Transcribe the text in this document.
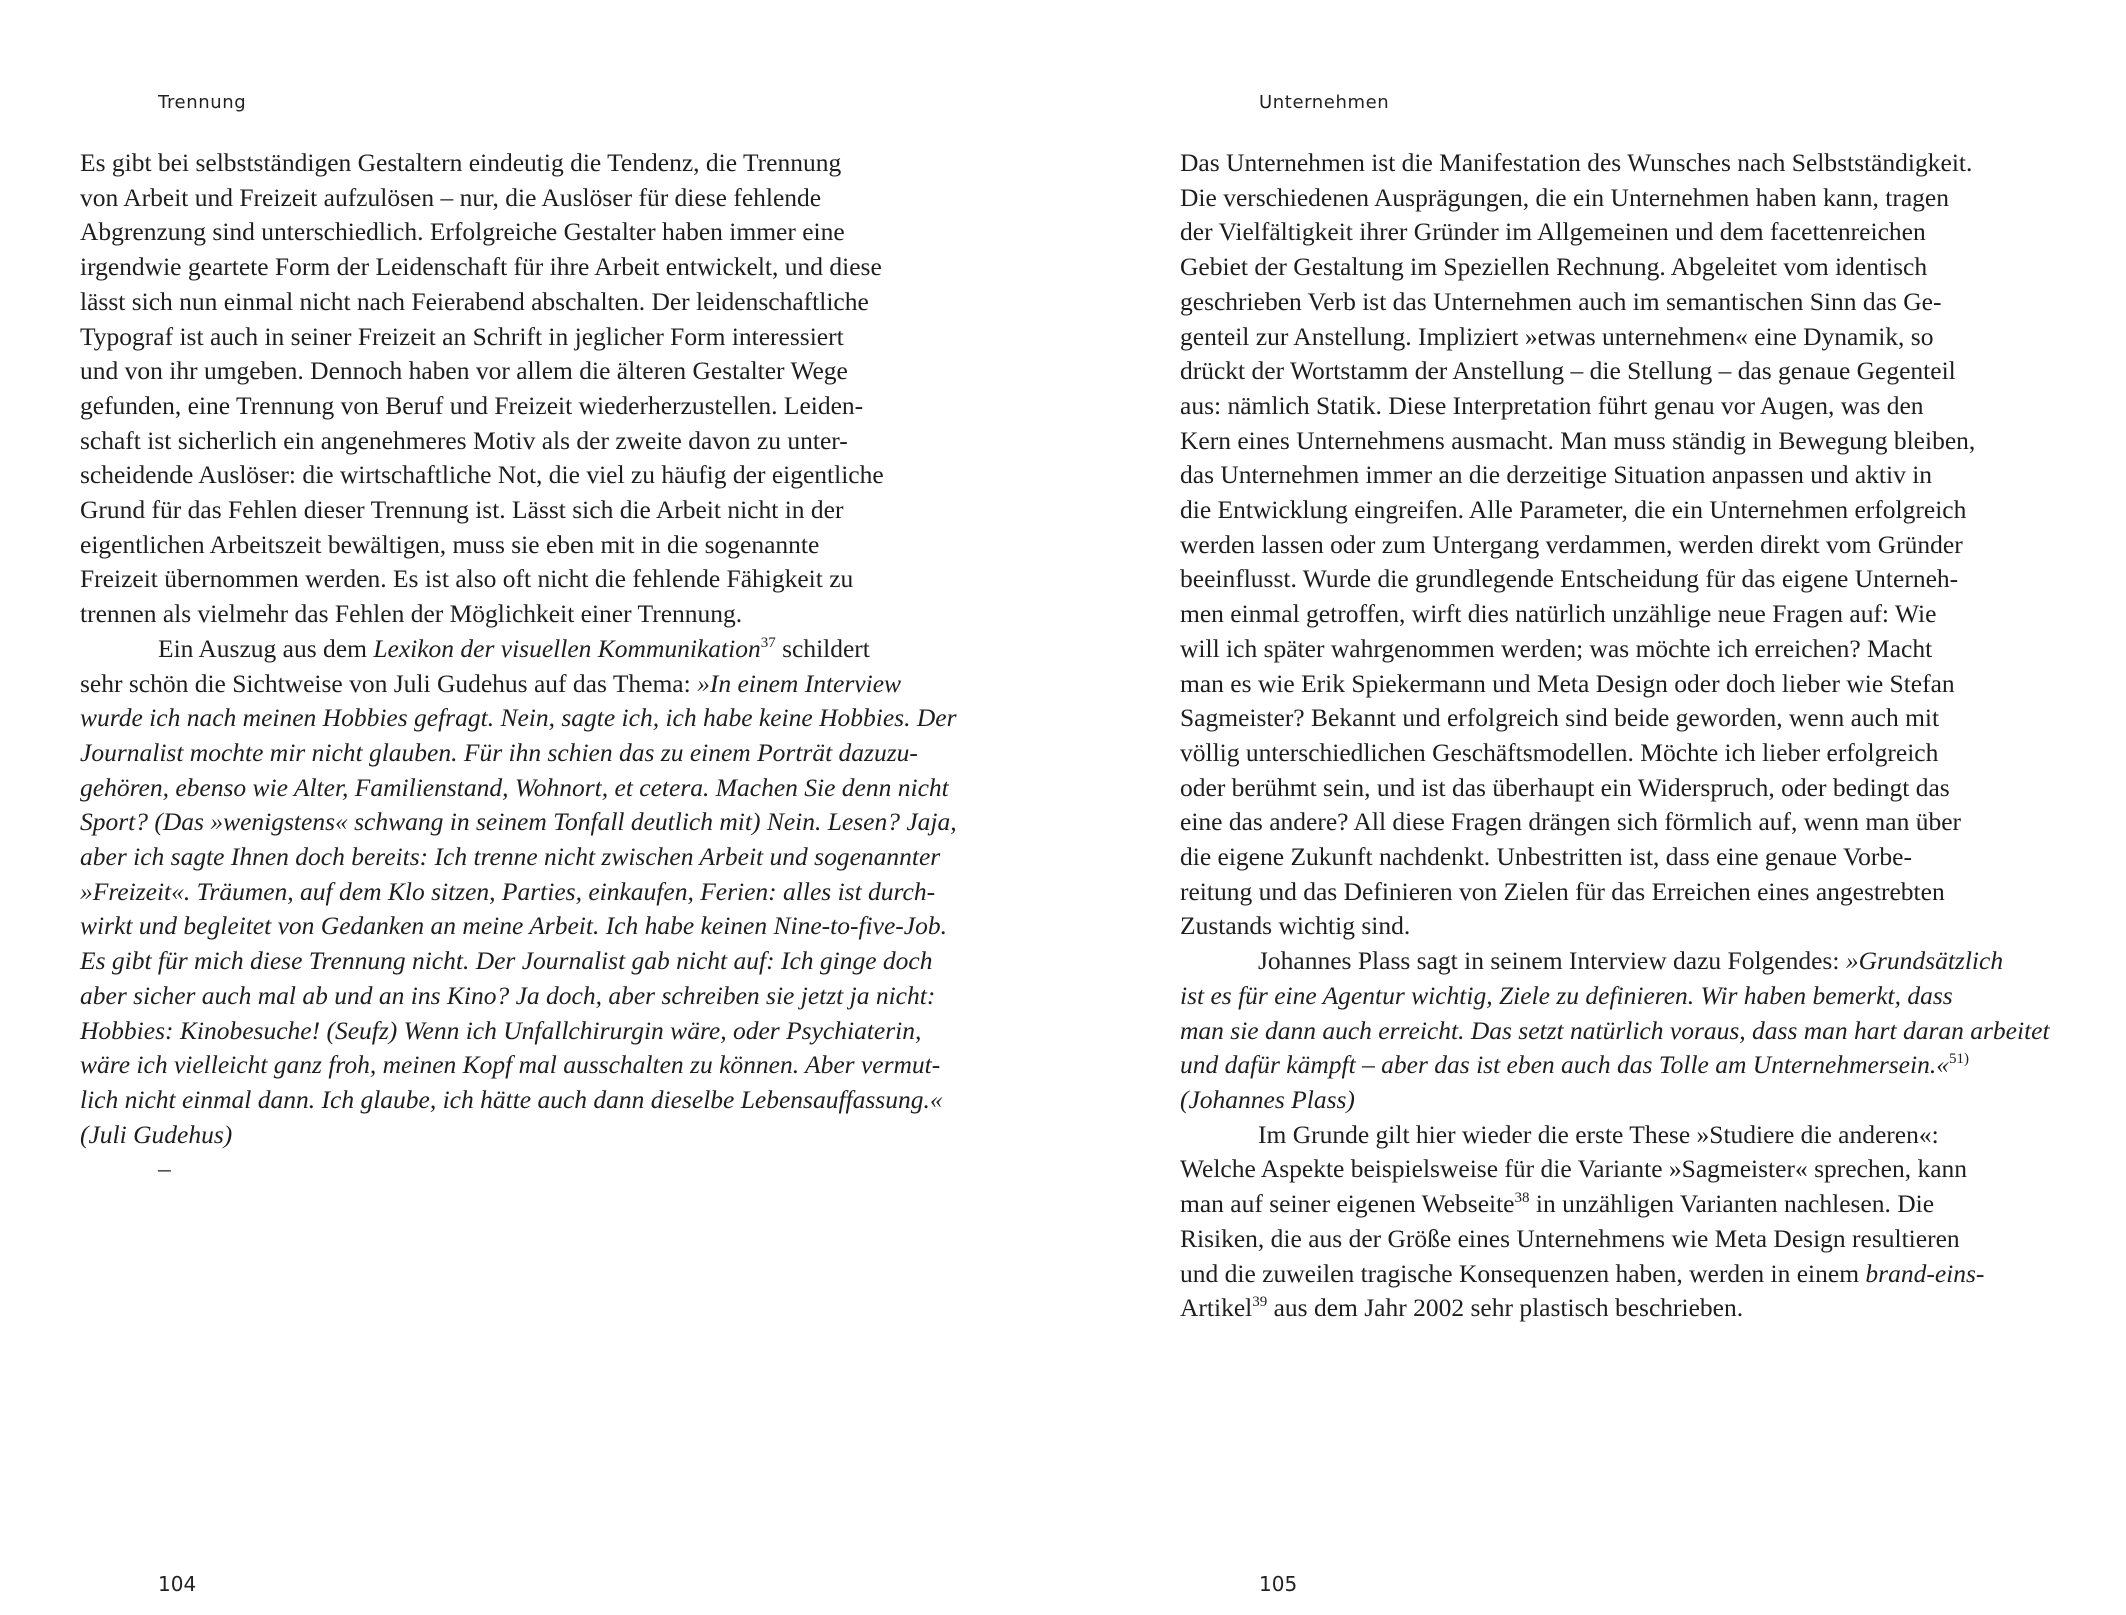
Trennung
Es gibt bei selbstständigen Gestaltern eindeutig die Tendenz, die Trennung
von Arbeit und Freizeit aufzulösen – nur, die Auslöser für diese fehlende
Abgrenzung sind unterschiedlich. Erfolgreiche Gestalter haben immer eine
irgendwie geartete Form der Leidenschaft für ihre Arbeit entwickelt, und diese
lässt sich nun einmal nicht nach Feierabend abschalten. Der leidenschaftliche
Typograf ist auch in seiner Freizeit an Schrift in jeglicher Form interessiert
und von ihr umgeben. Dennoch haben vor allem die älteren Gestalter Wege
gefunden, eine Trennung von Beruf und Freizeit wiederherzustellen. Leiden-
schaft ist sicherlich ein angenehmeres Motiv als der zweite davon zu unter-
scheidende Auslöser: die wirtschaftliche Not, die viel zu häufig der eigentliche
Grund für das Fehlen dieser Trennung ist. Lässt sich die Arbeit nicht in der
eigentlichen Arbeitszeit bewältigen, muss sie eben mit in die sogenannte
Freizeit übernommen werden. Es ist also oft nicht die fehlende Fähigkeit zu
trennen als vielmehr das Fehlen der Möglichkeit einer Trennung.
Ein Auszug aus dem Lexikon der visuellen Kommunikation$^{37}$ schildert
sehr schön die Sichtweise von Juli Gudehus auf das Thema: »In einem Interview
wurde ich nach meinen Hobbies gefragt. Nein, sagte ich, ich habe keine Hobbies. Der
Journalist mochte mir nicht glauben. Für ihn schien das zu einem Porträt dazuzu-
gehören, ebenso wie Alter, Familienstand, Wohnort, et cetera. Machen Sie denn nicht
Sport? (Das »wenigstens« schwang in seinem Tonfall deutlich mit) Nein. Lesen? Jaja,
aber ich sagte Ihnen doch bereits: Ich trenne nicht zwischen Arbeit und sogenannter
»Freizeit«. Träumen, auf dem Klo sitzen, Parties, einkaufen, Ferien: alles ist durch-
wirkt und begleitet von Gedanken an meine Arbeit. Ich habe keinen Nine-to-five-Job.
Es gibt für mich diese Trennung nicht. Der Journalist gab nicht auf: Ich ginge doch
aber sicher auch mal ab und an ins Kino? Ja doch, aber schreiben sie jetzt ja nicht:
Hobbies: Kinobesuche! (Seufz) Wenn ich Unfallchirurgin wäre, oder Psychiaterin,
wäre ich vielleicht ganz froh, meinen Kopf mal ausschalten zu können. Aber vermut-
lich nicht einmal dann. Ich glaube, ich hätte auch dann dieselbe Lebensauffassung.«
(Juli Gudehus)
–
104
Unternehmen
Das Unternehmen ist die Manifestation des Wunsches nach Selbstständigkeit.
Die verschiedenen Ausprägungen, die ein Unternehmen haben kann, tragen
der Vielfältigkeit ihrer Gründer im Allgemeinen und dem facettenreichen
Gebiet der Gestaltung im Speziellen Rechnung. Abgeleitet vom identisch
geschrieben Verb ist das Unternehmen auch im semantischen Sinn das Ge-
genteil zur Anstellung. Impliziert »etwas unternehmen« eine Dynamik, so
drückt der Wortstamm der Anstellung – die Stellung – das genaue Gegenteil
aus: nämlich Statik. Diese Interpretation führt genau vor Augen, was den
Kern eines Unternehmens ausmacht. Man muss ständig in Bewegung bleiben,
das Unternehmen immer an die derzeitige Situation anpassen und aktiv in
die Entwicklung eingreifen. Alle Parameter, die ein Unternehmen erfolgreich
werden lassen oder zum Untergang verdammen, werden direkt vom Gründer
beeinflusst. Wurde die grundlegende Entscheidung für das eigene Unterneh-
men einmal getroffen, wirft dies natürlich unzählige neue Fragen auf: Wie
will ich später wahrgenommen werden; was möchte ich erreichen? Macht
man es wie Erik Spiekermann und Meta Design oder doch lieber wie Stefan
Sagmeister? Bekannt und erfolgreich sind beide geworden, wenn auch mit
völlig unterschiedlichen Geschäftsmodellen. Möchte ich lieber erfolgreich
oder berühmt sein, und ist das überhaupt ein Widerspruch, oder bedingt das
eine das andere? All diese Fragen drängen sich förmlich auf, wenn man über
die eigene Zukunft nachdenkt. Unbestritten ist, dass eine genaue Vorbe-
reitung und das Definieren von Zielen für das Erreichen eines angestrebten
Zustands wichtig sind.
Johannes Plass sagt in seinem Interview dazu Folgendes: »Grundsätzlich
ist es für eine Agentur wichtig, Ziele zu definieren. Wir haben bemerkt, dass
man sie dann auch erreicht. Das setzt natürlich voraus, dass man hart daran arbeitet
und dafür kämpft – aber das ist eben auch das Tolle am Unternehmersein.«$^{51)}$
(Johannes Plass)
Im Grunde gilt hier wieder die erste These »Studiere die anderen«:
Welche Aspekte beispielsweise für die Variante »Sagmeister« sprechen, kann
man auf seiner eigenen Webseite$^{38}$ in unzähligen Varianten nachlesen. Die
Risiken, die aus der Größe eines Unternehmens wie Meta Design resultieren
und die zuweilen tragische Konsequenzen haben, werden in einem brand-eins-
Artikel$^{39}$ aus dem Jahr 2002 sehr plastisch beschrieben.
105
